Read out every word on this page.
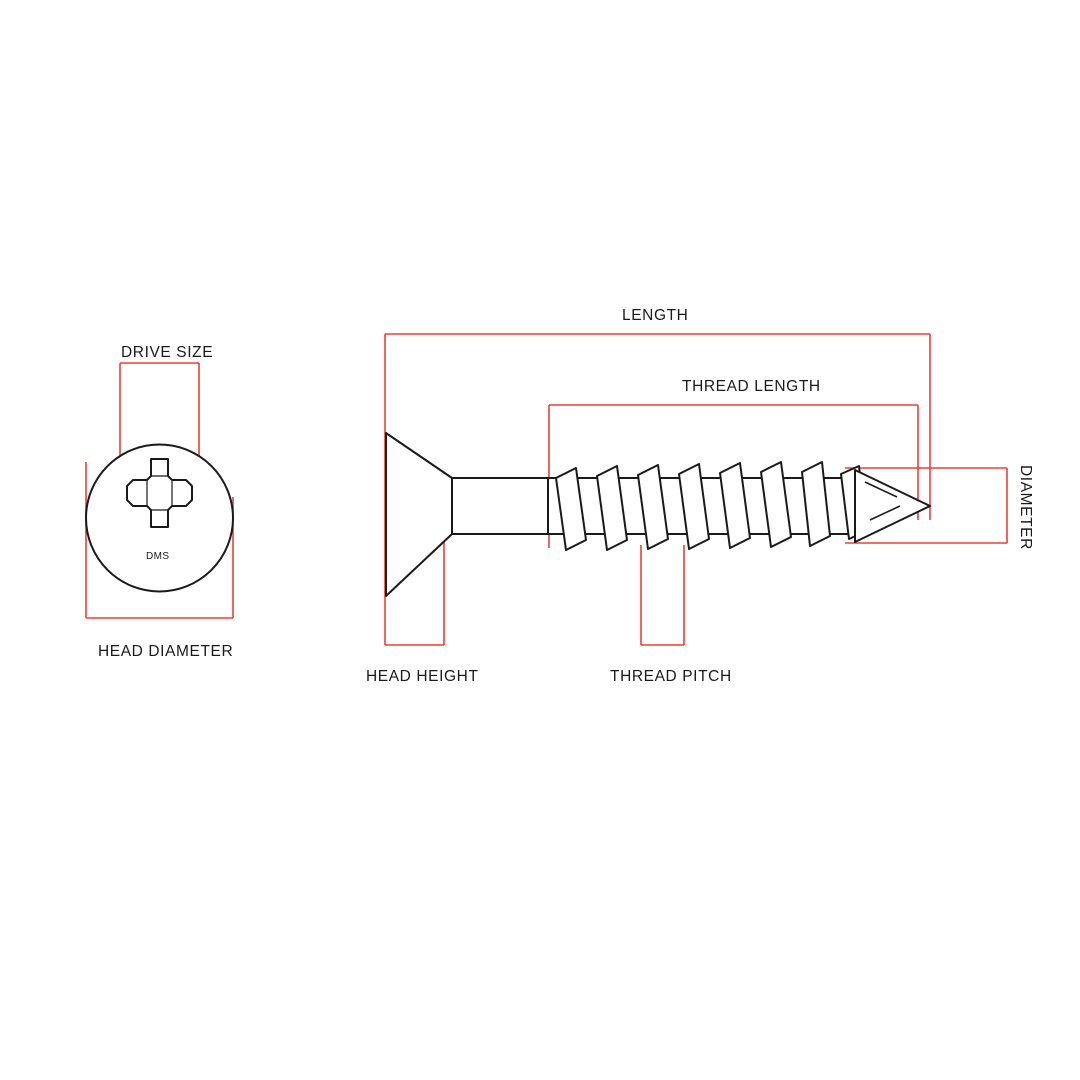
DRIVE SIZE
DMS
HEAD DIAMETER
LENGTH
THREAD LENGTH
DIAMETER
HEAD HEIGHT	THREAD PITCH
